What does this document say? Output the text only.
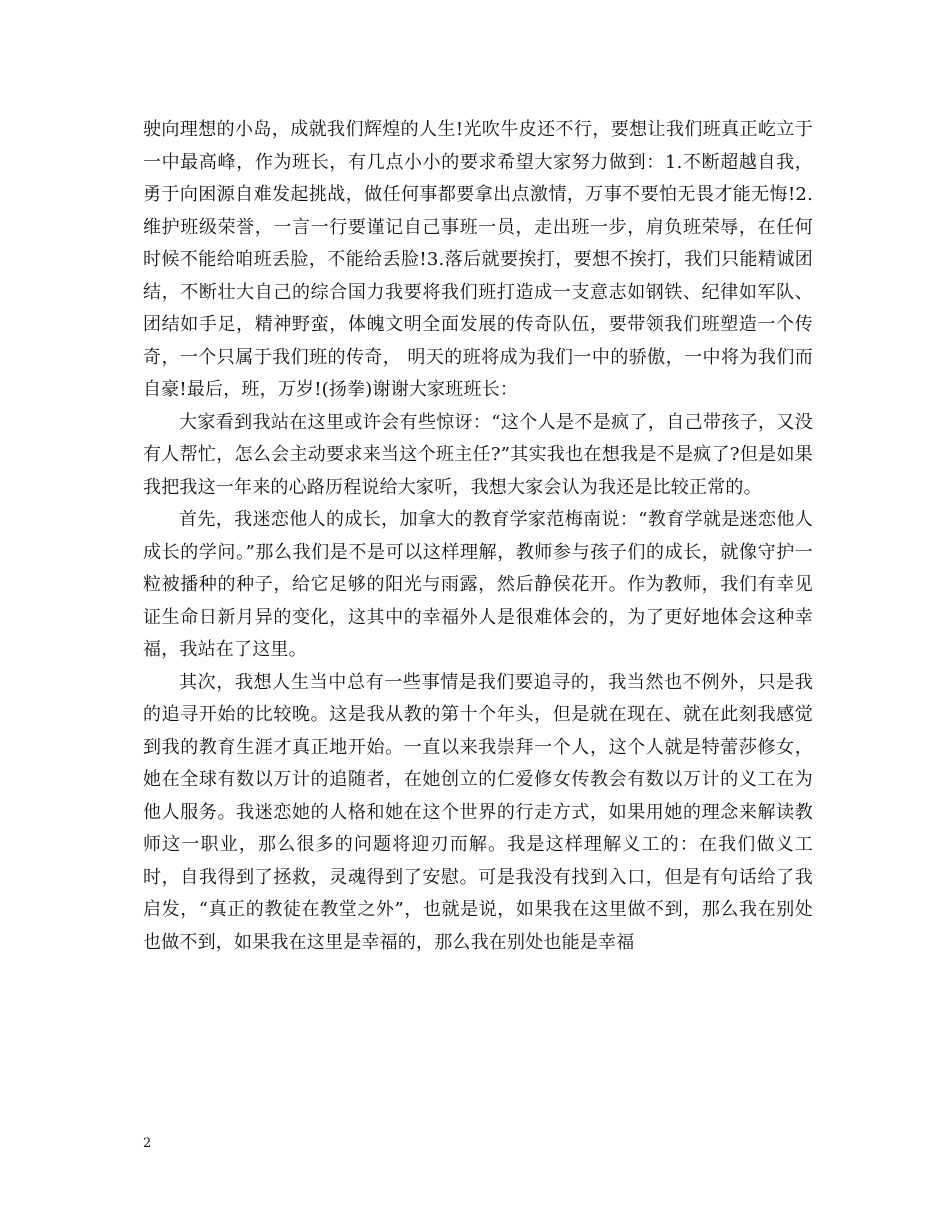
驶向理想的小岛，成就我们辉煌的人生!光吹牛皮还不行，要想让我们班真正屹立于一中最高峰，作为班长，有几点小小的要求希望大家努力做到：1.不断超越自我，勇于向困源自难发起挑战，做任何事都要拿出点激情，万事不要怕无畏才能无悔!2.维护班级荣誉，一言一行要谨记自己事班一员，走出班一步，肩负班荣辱，在任何时候不能给咱班丢脸，不能给丢脸!3.落后就要挨打，要想不挨打，我们只能精诚团结，不断壮大自己的综合国力我要将我们班打造成一支意志如钢铁、纪律如军队、团结如手足，精神野蛮，体魄文明全面发展的传奇队伍，要带领我们班塑造一个传奇，一个只属于我们班的传奇， 明天的班将成为我们一中的骄傲，一中将为我们而自豪!最后，班，万岁!(扬拳)谢谢大家班班长：

大家看到我站在这里或许会有些惊讶：“这个人是不是疯了，自己带孩子，又没有人帮忙，怎么会主动要求来当这个班主任?”其实我也在想我是不是疯了?但是如果我把我这一年来的心路历程说给大家听，我想大家会认为我还是比较正常的。

首先，我迷恋他人的成长，加拿大的教育学家范梅南说：“教育学就是迷恋他人成长的学问。”那么我们是不是可以这样理解，教师参与孩子们的成长，就像守护一粒被播种的种子，给它足够的阳光与雨露，然后静侯花开。作为教师，我们有幸见证生命日新月异的变化，这其中的幸福外人是很难体会的，为了更好地体会这种幸福，我站在了这里。

其次，我想人生当中总有一些事情是我们要追寻的，我当然也不例外，只是我的追寻开始的比较晚。这是我从教的第十个年头，但是就在现在、就在此刻我感觉到我的教育生涯才真正地开始。一直以来我崇拜一个人，这个人就是特蕾莎修女，她在全球有数以万计的追随者，在她创立的仁爱修女传教会有数以万计的义工在为他人服务。我迷恋她的人格和她在这个世界的行走方式，如果用她的理念来解读教师这一职业，那么很多的问题将迎刃而解。我是这样理解义工的：在我们做义工时，自我得到了拯救，灵魂得到了安慰。可是我没有找到入口，但是有句话给了我启发，“真正的教徒在教堂之外”，也就是说，如果我在这里做不到，那么我在别处也做不到，如果我在这里是幸福的，那么我在别处也能是幸福

2
